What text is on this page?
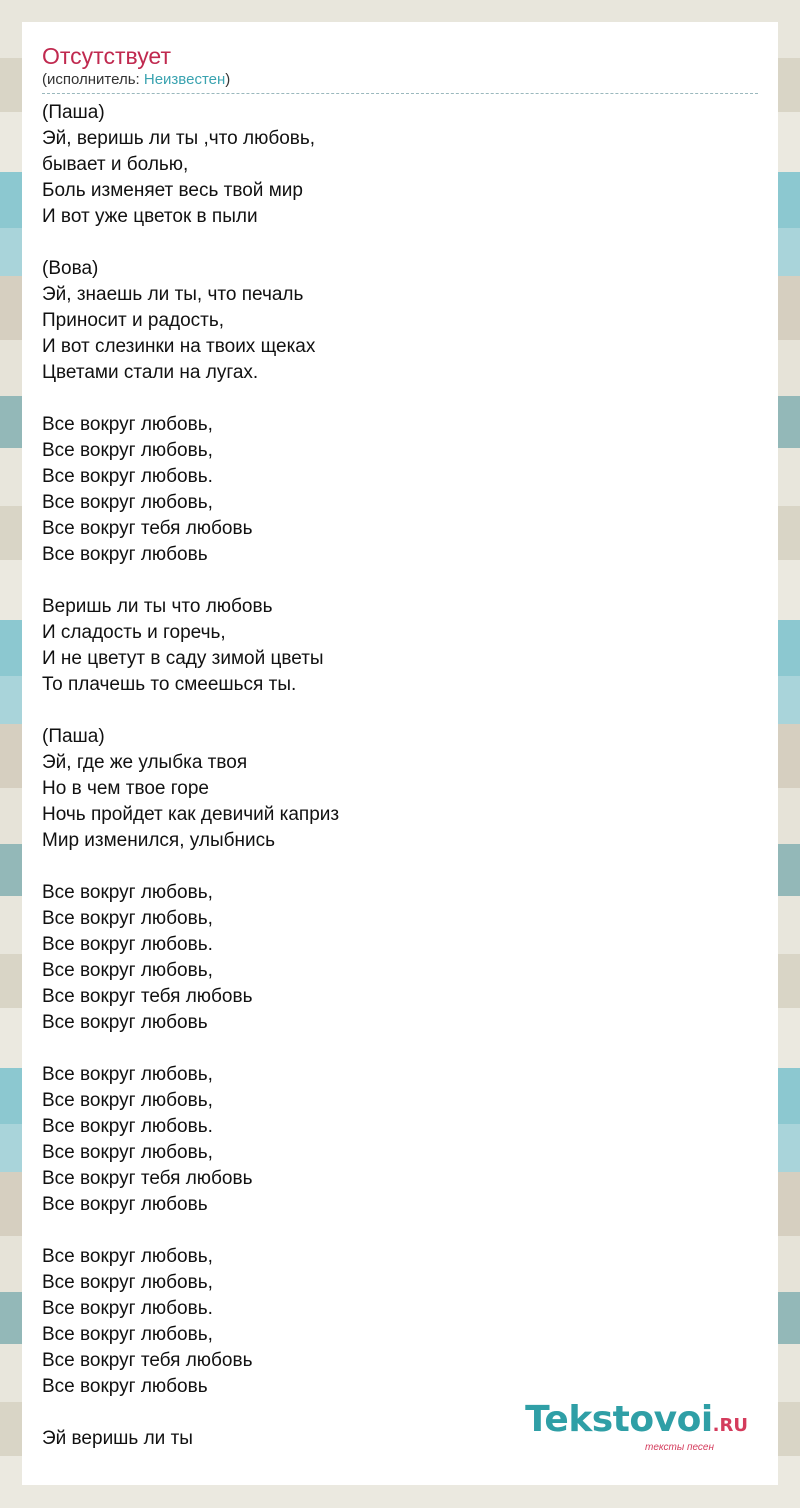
Отсутствует
(исполнитель: Неизвестен)
(Паша)
Эй, веришь ли ты ,что любовь,
бывает и болью,
Боль изменяет весь твой мир
И вот уже цветок в пыли

(Вова)
Эй, знаешь ли ты, что печаль
Приносит и радость,
И вот слезинки на твоих щеках
Цветами стали на лугах.

Все вокруг любовь,
Все вокруг любовь,
Все вокруг любовь.
Все вокруг любовь,
Все вокруг тебя любовь
Все вокруг любовь

Веришь ли ты что любовь
И сладость и горечь,
И не цветут в саду зимой цветы
То плачешь то смеешься ты.

(Паша)
Эй, где же улыбка твоя
Но в чем твое горе
Ночь пройдет как девичий каприз
Мир изменился, улыбнись

Все вокруг любовь,
Все вокруг любовь,
Все вокруг любовь.
Все вокруг любовь,
Все вокруг тебя любовь
Все вокруг любовь

Все вокруг любовь,
Все вокруг любовь,
Все вокруг любовь.
Все вокруг любовь,
Все вокруг тебя любовь
Все вокруг любовь

Все вокруг любовь,
Все вокруг любовь,
Все вокруг любовь.
Все вокруг любовь,
Все вокруг тебя любовь
Все вокруг любовь

Эй веришь ли ты	Tekstovoi.RU
тексты песен
